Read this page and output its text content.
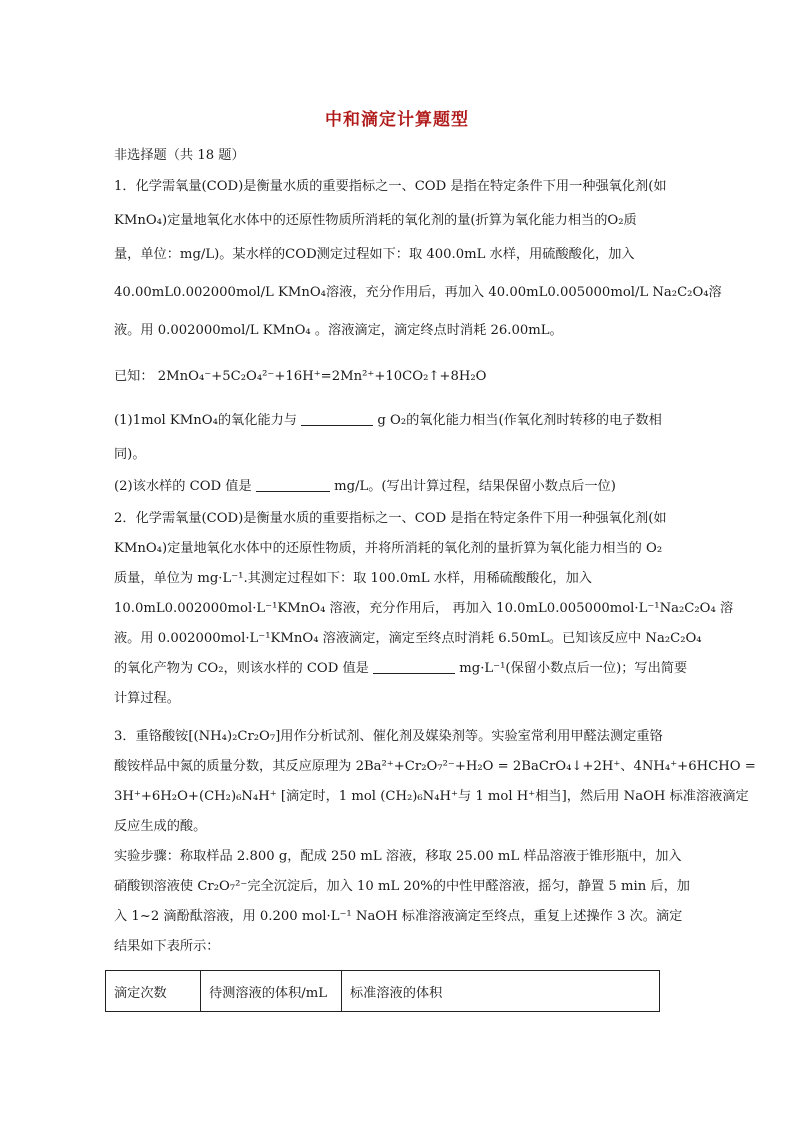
中和滴定计算题型
非选择题（共 18 题）
1．化学需氧量(COD)是衡量水质的重要指标之一、COD 是指在特定条件下用一种强氧化剂(如
KMnO₄)定量地氧化水体中的还原性物质所消耗的氧化剂的量(折算为氧化能力相当的O₂质
量，单位：mg/L)。某水样的COD测定过程如下：取 400.0mL 水样，用硫酸酸化，加入
40.00mL0.002000mol/L KMnO₄溶液，充分作用后，再加入 40.00mL0.005000mol/L Na₂C₂O₄溶
液。用 0.002000mol/L KMnO₄ 。溶液滴定，滴定终点时消耗 26.00mL。
已知： 2MnO₄⁻+5C₂O₄²⁻+16H⁺=2Mn²⁺+10CO₂↑+8H₂O
(1)1mol KMnO₄的氧化能力与	g O₂的氧化能力相当(作氧化剂时转移的电子数相
同)。
(2)该水样的 COD 值是	mg/L。(写出计算过程，结果保留小数点后一位)
2．化学需氧量(COD)是衡量水质的重要指标之一、COD 是指在特定条件下用一种强氧化剂(如
KMnO₄)定量地氧化水体中的还原性物质，并将所消耗的氧化剂的量折算为氧化能力相当的 O₂
质量，单位为 mg·L⁻¹.其测定过程如下：取 100.0mL 水样，用稀硫酸酸化，加入
10.0mL0.002000mol·L⁻¹KMnO₄ 溶液，充分作用后， 再加入 10.0mL0.005000mol·L⁻¹Na₂C₂O₄ 溶
液。用 0.002000mol·L⁻¹KMnO₄ 溶液滴定，滴定至终点时消耗 6.50mL。已知该反应中 Na₂C₂O₄
的氧化产物为 CO₂，则该水样的 COD 值是	mg·L⁻¹(保留小数点后一位)；写出简要
计算过程。
3．重铬酸铵[(NH₄)₂Cr₂O₇]用作分析试剂、催化剂及媒染剂等。实验室常利用甲醛法测定重铬
酸铵样品中氮的质量分数，其反应原理为 2Ba²⁺+Cr₂O₇²⁻+H₂O = 2BaCrO₄↓+2H⁺、4NH₄⁺+6HCHO =
3H⁺+6H₂O+(CH₂)₆N₄H⁺ [滴定时，1 mol (CH₂)₆N₄H⁺与 1 mol H⁺相当]，然后用 NaOH 标准溶液滴定
反应生成的酸。
实验步骤：称取样品 2.800 g，配成 250 mL 溶液，移取 25.00 mL 样品溶液于锥形瓶中，加入
硝酸钡溶液使 Cr₂O₇²⁻完全沉淀后，加入 10 mL 20%的中性甲醛溶液，摇匀，静置 5 min 后，加
入 1~2 滴酚酞溶液，用 0.200 mol·L⁻¹ NaOH 标准溶液滴定至终点，重复上述操作 3 次。滴定
结果如下表所示：
滴定次数	待测溶液的体积/mL	标准溶液的体积
